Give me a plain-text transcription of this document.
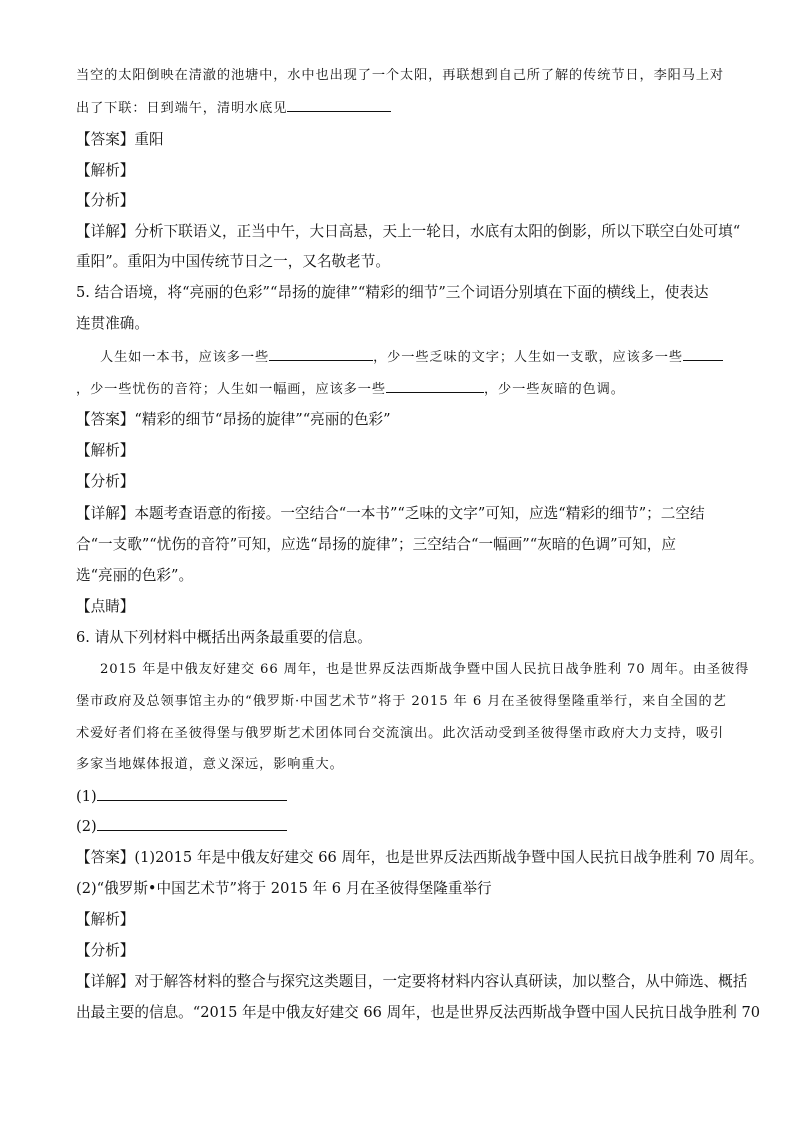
当空的太阳倒映在清澈的池塘中，水中也出现了一个太阳，再联想到自己所了解的传统节日，李阳马上对
出了下联：日到端午，清明水底见
【答案】重阳
【解析】
【分析】
【详解】分析下联语义，正当中午，大日高悬，天上一轮日，水底有太阳的倒影，所以下联空白处可填“
重阳”。重阳为中国传统节日之一，又名敬老节。
5. 结合语境，将“亮丽的色彩”“昂扬的旋律”“精彩的细节”三个词语分别填在下面的横线上，使表达
连贯准确。
人生如一本书，应该多一些	，少一些乏味的文字；人生如一支歌，应该多一些
，少一些忧伤的音符；人生如一幅画，应该多一些	，少一些灰暗的色调。
【答案】“精彩的细节“昂扬的旋律”“亮丽的色彩”
【解析】
【分析】
【详解】本题考查语意的衔接。一空结合“一本书”“乏味的文字”可知，应选“精彩的细节”；二空结
合“一支歌”“忧伤的音符”可知，应选“昂扬的旋律”；三空结合“一幅画”“灰暗的色调”可知，应
选“亮丽的色彩”。
【点睛】
6. 请从下列材料中概括出两条最重要的信息。
2015 年是中俄友好建交 66 周年，也是世界反法西斯战争暨中国人民抗日战争胜利 70 周年。由圣彼得
堡市政府及总领事馆主办的“俄罗斯·中国艺术节”将于 2015 年 6 月在圣彼得堡隆重举行，来自全国的艺
术爱好者们将在圣彼得堡与俄罗斯艺术团体同台交流演出。此次活动受到圣彼得堡市政府大力支持，吸引
多家当地媒体报道，意义深远，影响重大。
(1)
(2)
【答案】(1)2015 年是中俄友好建交 66 周年，也是世界反法西斯战争暨中国人民抗日战争胜利 70 周年。
(2)“俄罗斯•中国艺术节”将于 2015 年 6 月在圣彼得堡隆重举行
【解析】
【分析】
【详解】对于解答材料的整合与探究这类题目，一定要将材料内容认真研读，加以整合，从中筛选、概括
出最主要的信息。“2015 年是中俄友好建交 66 周年，也是世界反法西斯战争暨中国人民抗日战争胜利 70
